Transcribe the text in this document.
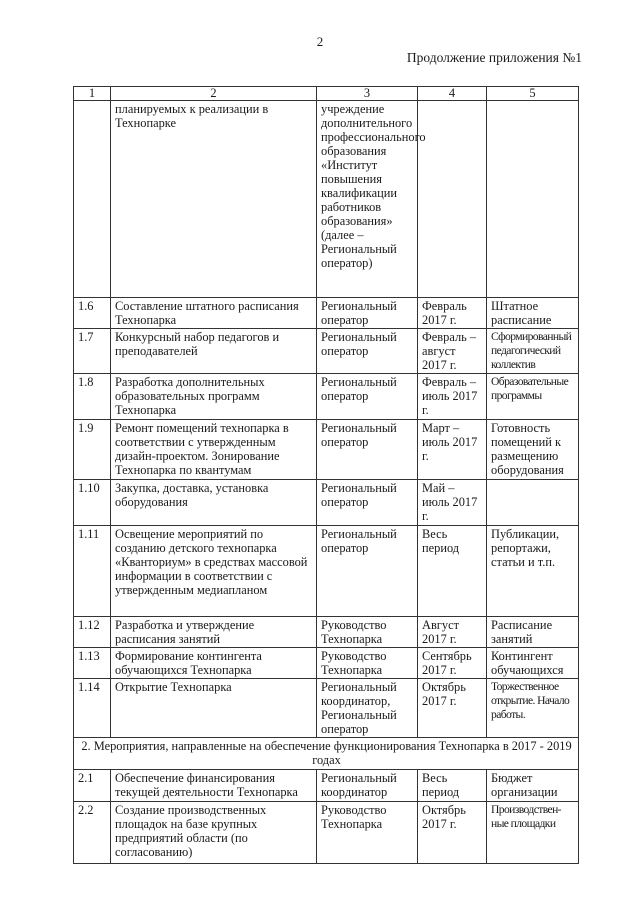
2
Продолжение приложения №1
1	2	3	4	5
	планируемых к реализации в Технопарке	учреждение дополнительного профессионального образования «Институт повышения квалификации работников образования» (далее – Региональный оператор)		
1.6	Составление штатного расписания Технопарка	Региональный оператор	Февраль 2017 г.	Штатное расписание
1.7	Конкурсный набор педагогов и преподавателей	Региональный оператор	Февраль – август 2017 г.	Сформированный педагогический коллектив
1.8	Разработка дополнительных образовательных программ Технопарка	Региональный оператор	Февраль – июль 2017 г.	Образовательные программы
1.9	Ремонт помещений технопарка в соответствии с утвержденным дизайн-проектом. Зонирование Технопарка по квантумам	Региональный оператор	Март – июль 2017 г.	Готовность помещений к размещению оборудования
1.10	Закупка, доставка, установка оборудования	Региональный оператор	Май – июль 2017 г.	
1.11	Освещение мероприятий по созданию детского технопарка «Кванториум» в средствах массовой информации в соответствии с утвержденным медиапланом	Региональный оператор	Весь период	Публикации, репортажи, статьи и т.п.
1.12	Разработка и утверждение расписания занятий	Руководство Технопарка	Август 2017 г.	Расписание занятий
1.13	Формирование контингента обучающихся Технопарка	Руководство Технопарка	Сентябрь 2017 г.	Контингент обучающихся
1.14	Открытие Технопарка	Региональный координатор, Региональный оператор	Октябрь 2017 г.	Торжественное открытие. Начало работы.
2. Мероприятия, направленные на обеспечение функционирования Технопарка в 2017 - 2019 годах				
2.1	Обеспечение финансирования текущей деятельности Технопарка	Региональный координатор	Весь период	Бюджет организации
2.2	Создание производственных площадок на базе крупных предприятий области (по согласованию)	Руководство Технопарка	Октябрь 2017 г.	Производствен-ные площадки
